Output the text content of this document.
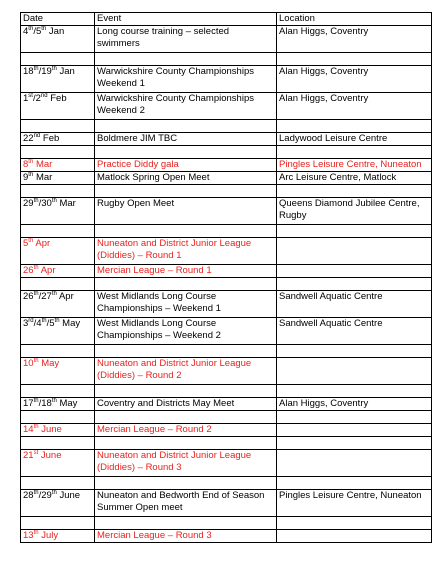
Date	Event	Location
4th/5th Jan	Long course training – selected swimmers	Alan Higgs, Coventry

18th/19th Jan	Warwickshire County Championships Weekend 1	Alan Higgs, Coventry
1st/2nd Feb	Warwickshire County Championships Weekend 2	Alan Higgs, Coventry

22nd Feb	Boldmere JIM TBC	Ladywood Leisure Centre

8th Mar	Practice Diddy gala	Pingles Leisure Centre, Nuneaton
9th Mar	Matlock Spring Open Meet	Arc Leisure Centre, Matlock

29th/30th Mar	Rugby Open Meet	Queens Diamond Jubilee Centre, Rugby

5th Apr	Nuneaton and District Junior League (Diddies) – Round 1	
26th Apr	Mercian League – Round 1	

26th/27th Apr	West Midlands Long Course Championships – Weekend 1	Sandwell Aquatic Centre
3rd/4th/5th May	West Midlands Long Course Championships – Weekend 2	Sandwell Aquatic Centre

10th May	Nuneaton and District Junior League (Diddies) – Round 2	

17th/18th May	Coventry and Districts May Meet	Alan Higgs, Coventry

14th June	Mercian League – Round 2	

21st June	Nuneaton and District Junior League (Diddies) – Round 3	

28th/29th June	Nuneaton and Bedworth End of Season Summer Open meet	Pingles Leisure Centre, Nuneaton

13th July	Mercian League – Round 3	
